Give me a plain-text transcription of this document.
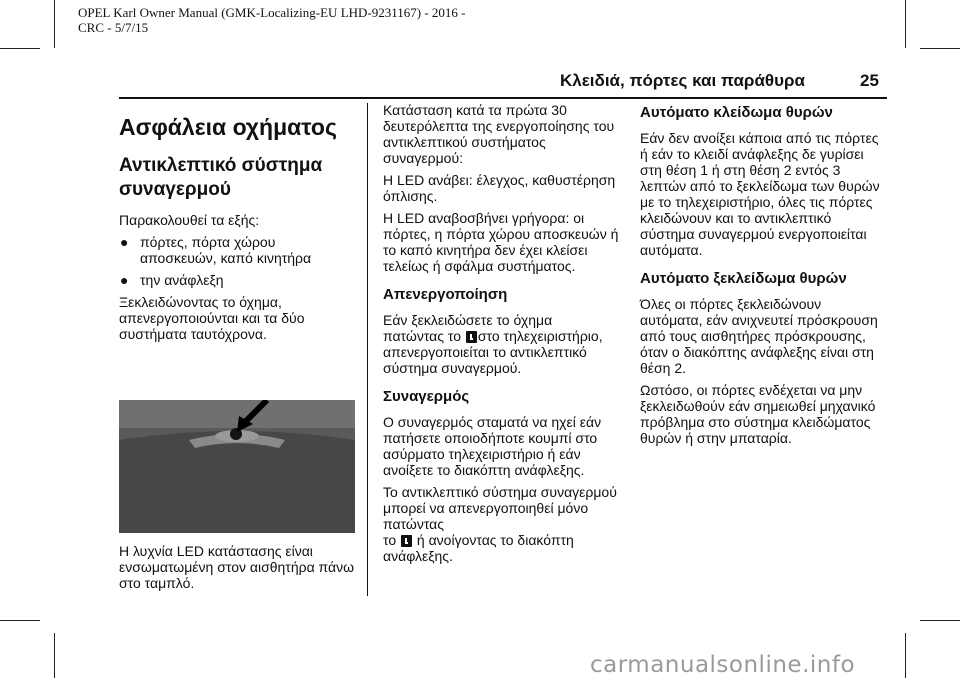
OPEL Karl Owner Manual (GMK-Localizing-EU LHD-9231167) - 2016 -
CRC - 5/7/15
Κλειδιά, πόρτες και παράθυρα	25
Ασφάλεια οχήματος
Αντικλεπτικό σύστημα
συναγερμού

Παρακολουθεί τα εξής:

● πόρτες, πόρτα χώρου αποσκευών, καπό κινητήρα
● την ανάφλεξη

Ξεκλειδώνοντας το όχημα, απενεργοποιούνται και τα δύο συστήματα ταυτόχρονα.

Η λυχνία LED κατάστασης είναι ενσωματωμένη στον αισθητήρα πάνω στο ταμπλό.

Κατάσταση κατά τα πρώτα 30 δευτερόλεπτα της ενεργοποίησης του αντικλεπτικού συστήματος συναγερμού:

Η LED ανάβει: έλεγχος, καθυστέρηση όπλισης.

Η LED αναβοσβήνει γρήγορα: οι πόρτες, η πόρτα χώρου αποσκευών ή το καπό κινητήρα δεν έχει κλείσει τελείως ή σφάλμα συστήματος.

Απενεργοποίηση

Εάν ξεκλειδώσετε το όχημα
πατώντας το στο τηλεχειριστήριο,
απενεργοποιείται το αντικλεπτικό σύστημα συναγερμού.

Συναγερμός

Ο συναγερμός σταματά να ηχεί εάν πατήσετε οποιοδήποτε κουμπί στο ασύρματο τηλεχειριστήριο ή εάν ανοίξετε το διακόπτη ανάφλεξης.

Το αντικλεπτικό σύστημα συναγερμού μπορεί να απενεργοποιηθεί μόνο πατώντας
το ή ανοίγοντας το διακόπτη
ανάφλεξης.

Αυτόματο κλείδωμα θυρών

Εάν δεν ανοίξει κάποια από τις πόρτες ή εάν το κλειδί ανάφλεξης δε γυρίσει στη θέση 1 ή στη θέση 2 εντός 3 λεπτών από το ξεκλείδωμα των θυρών με το τηλεχειριστήριο, όλες τις πόρτες κλειδώνουν και το αντικλεπτικό σύστημα συναγερμού ενεργοποιείται αυτόματα.

Αυτόματο ξεκλείδωμα θυρών

Όλες οι πόρτες ξεκλειδώνουν αυτόματα, εάν ανιχνευτεί πρόσκρουση από τους αισθητήρες πρόσκρουσης, όταν ο διακόπτης ανάφλεξης είναι στη θέση 2.

Ωστόσο, οι πόρτες ενδέχεται να μην ξεκλειδωθούν εάν σημειωθεί μηχανικό πρόβλημα στο σύστημα κλειδώματος θυρών ή στην μπαταρία.

carmanualsonline.info
